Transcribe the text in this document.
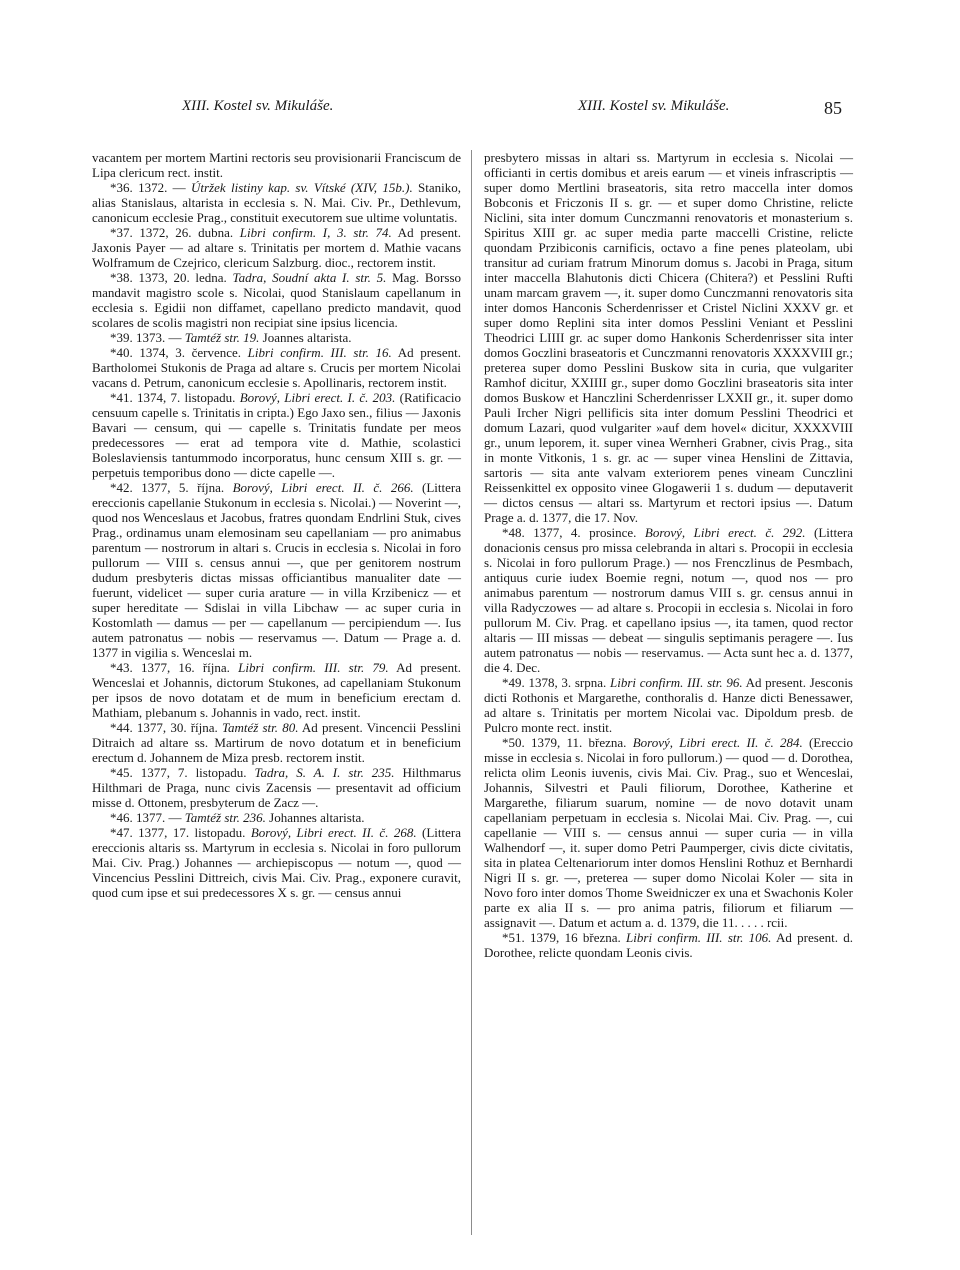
XIII. Kostel sv. Mikuláše.	XIII. Kostel sv. Mikuláše.	85

vacantem per mortem Martini rectoris seu provisionarii Franciscum de Lipa clericum rect. instit.

*36. 1372. — Útržek listiny kap. sv. Vítské (XIV, 15b.). Staniko, alias Stanislaus, altarista in ecclesia s. N. Mai. Civ. Pr., Dethlevum, canonicum ecclesie Prag., constituit executorem sue ultime voluntatis.

*37. 1372, 26. dubna. Libri confirm. I, 3. str. 74. Ad present. Jaxonis Payer — ad altare s. Trinitatis per mortem d. Mathie vacans Wolframum de Czejrico, clericum Salzburg. dioc., rectorem instit.

*38. 1373, 20. ledna. Tadra, Soudní akta I. str. 5. Mag. Borsso mandavit magistro scole s. Nicolai, quod Stanislaum capellanum in ecclesia s. Egidii non diffamet, capellano predicto mandavit, quod scolares de scolis magistri non recipiat sine ipsius licencia.

*39. 1373. — Tamtéž str. 19. Joannes altarista.

*40. 1374, 3. července. Libri confirm. III. str. 16. Ad present. Bartholomei Stukonis de Praga ad altare s. Crucis per mortem Nicolai vacans d. Petrum, canonicum ecclesie s. Apollinaris, rectorem instit.

*41. 1374, 7. listopadu. Borový, Libri erect. I. č. 203. (Ratificacio censuum capelle s. Trinitatis in cripta.) Ego Jaxo sen., filius — Jaxonis Bavari — censum, qui — capelle s. Trinitatis fundate per meos predecessores — erat ad tempora vite d. Mathie, scolastici Boleslaviensis tantummodo incorporatus, hunc censum XIII s. gr. — perpetuis temporibus dono — dicte capelle —.

*42. 1377, 5. října. Borový, Libri erect. II. č. 266. (Littera ereccionis capellanie Stukonum in ecclesia s. Nicolai.) — Noverint —, quod nos Wenceslaus et Jacobus, fratres quondam Endrlini Stuk, cives Prag., ordinamus unam elemosinam seu capellaniam — pro animabus parentum — nostrorum in altari s. Crucis in ecclesia s. Nicolai in foro pullorum — VIII s. census annui —, que per genitorem nostrum dudum presbyteris dictas missas officiantibus manualiter date — fuerunt, videlicet — super curia araturе — in villa Krzibenicz — et super hereditate — Sdislai in villa Libchaw — ac super curia in Kostomlath — damus — per — capellanum — percipiendum —. Ius autem patronatus — nobis — reservamus —. Datum — Prage a. d. 1377 in vigilia s. Wenceslai m.

*43. 1377, 16. října. Libri confirm. III. str. 79. Ad present. Wenceslai et Johannis, dictorum Stukones, ad capellaniam Stukonum per ipsos de novo dotatam et de mum in beneficium erectam d. Mathiam, plebanum s. Johannis in vado, rect. instit.

*44. 1377, 30. října. Tamtéž str. 80. Ad present. Vincencii Pesslini Ditraich ad altare ss. Martirum de novo dotatum et in beneficium erectum d. Johannem de Miza presb. rectorem instit.

*45. 1377, 7. listopadu. Tadra, S. A. I. str. 235. Hilthmarus Hilthmari de Praga, nunc civis Zacensis — presentavit ad officium misse d. Ottonem, presbyterum de Zacz —.

*46. 1377. — Tamtéž str. 236. Johannes altarista.

*47. 1377, 17. listopadu. Borový, Libri erect. II. č. 268. (Littera ereccionis altaris ss. Martyrum in ecclesia s. Nicolai in foro pullorum Mai. Civ. Prag.) Johannes — archiepiscopus — notum —, quod — Vincencius Pesslini Dittreich, civis Mai. Civ. Prag., exponere curavit, quod cum ipse et sui predecessores X s. gr. — census annui

presbytero missas in altari ss. Martyrum in ecclesia s. Nicolai — officianti in certis domibus et areis earum — et vineis infrascriptis — super domo Mertlini braseatoris, sita retro maccella inter domos Bobconis et Friczonis II s. gr. — et super domo Christine, relicte Niclini, sita inter domum Cunczmanni renovatoris et monasterium s. Spiritus XIII gr. ac super media parte maccelli Cristine, relicte quondam Przibiconis carnificis, octavo a fine penes plateolam, ubi transitur ad curiam fratrum Minorum domus s. Jacobi in Praga, situm inter maccella Blahutonis dicti Chicera (Chitera?) et Pesslini Rufti unam marcam gravem —, it. super domo Cunczmanni renovatoris sita inter domos Hanconis Scherdenrisser et Cristel Niclini XXXV gr. et super domo Replini sita inter domos Pesslini Veniant et Pesslini Theodrici LIIII gr. ac super domo Hankonis Scherdenrisser sita inter domos Goczlini braseatoris et Cunczmanni renovatoris XXXXVIII gr.; preterea super domo Pesslini Buskow sita in curia, que vulgariter Ramhof dicitur, XXIIII gr., super domo Goczlini braseatoris sita inter domos Buskow et Hanczlini Scherdenrisser LXXII gr., it. super domo Pauli Ircher Nigri pellificis sita inter domum Pesslini Theodrici et domum Lazari, quod vulgariter »auf dem hovel« dicitur, XXXXVIII gr., unum leporem, it. super vinea Wernheri Grabner, civis Prag., sita in monte Vitkonis, 1 s. gr. ac — super vinea Henslini de Zittavia, sartoris — sita ante valvam exteriorem penes vineam Cunczlini Reissenkittel ex opposito vinee Glogawerii 1 s. dudum — deputaverit — dictos census — altari ss. Martyrum et rectori ipsius —. Datum Prage a. d. 1377, die 17. Nov.

*48. 1377, 4. prosince. Borový, Libri erect. č. 292. (Littera donacionis census pro missa celebranda in altari s. Procopii in ecclesia s. Nicolai in foro pullorum Prage.) — nos Frenczlinus de Pesmbach, antiquus curie iudex Boemie regni, notum —, quod nos — pro animabus parentum — nostrorum damus VIII s. gr. census annui in villa Radyczowes — ad altare s. Procopii in ecclesia s. Nicolai in foro pullorum M. Civ. Prag. et capellano ipsius —, ita tamen, quod rector altaris — III missas — debeat — singulis septimanis peragere —. Ius autem patronatus — nobis — reservamus. — Acta sunt hec a. d. 1377, die 4. Dec.

*49. 1378, 3. srpna. Libri confirm. III. str. 96. Ad present. Jesconis dicti Rothonis et Margarethe, conthoralis d. Hanze dicti Benessawer, ad altare s. Trinitatis per mortem Nicolai vac. Dipoldum presb. de Pulcro monte rect. instit.

*50. 1379, 11. března. Borový, Libri erect. II. č. 284. (Ereccio misse in ecclesia s. Nicolai in foro pullorum.) — quod — d. Dorothea, relicta olim Leonis iuvenis, civis Mai. Civ. Prag., suo et Wenceslai, Johannis, Silvestri et Pauli filiorum, Dorothee, Katherine et Margarethe, filiarum suarum, nomine — de novo dotavit unam capellaniam perpetuam in ecclesia s. Nicolai Mai. Civ. Prag. —, cui capellanie — VIII s. — census annui — super curia — in villa Walhendorf —, it. super domo Petri Paumperger, civis dicte civitatis, sita in platea Celtenariorum inter domos Henslini Rothuz et Bernhardi Nigri II s. gr. —, preterea — super domo Nicolai Koler — sita in Novo foro inter domos Thome Sweidniczer ex una et Swachonis Koler parte ex alia II s. — pro anima patris, filiorum et filiarum — assignavit —. Datum et actum a. d. 1379, die 11. . . . . rcii.

*51. 1379, 16 března. Libri confirm. III. str. 106. Ad present. d. Dorothee, relicte quondam Leonis civis.
